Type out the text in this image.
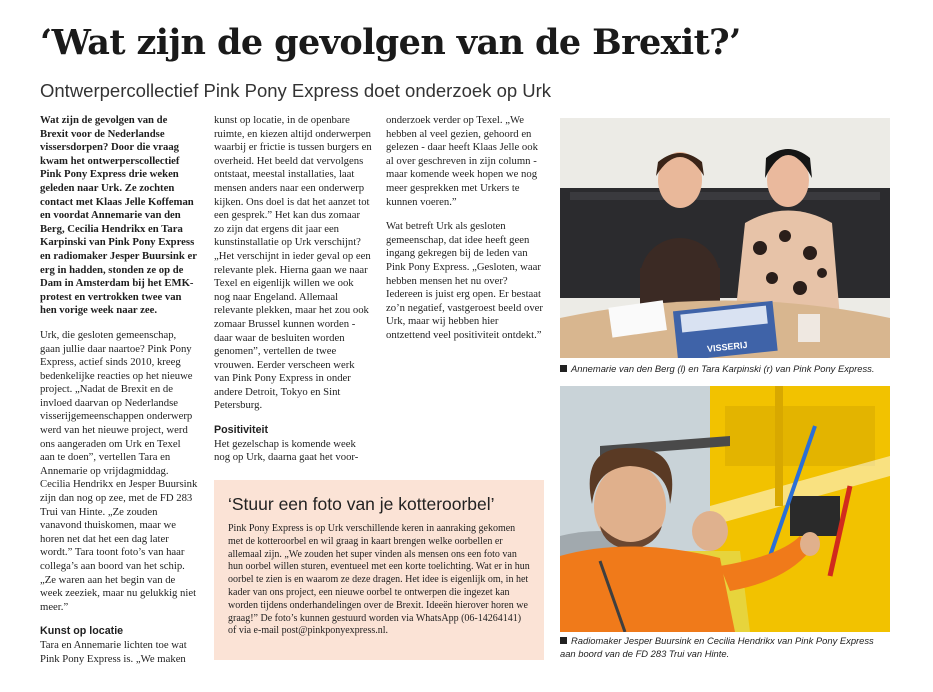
‘Wat zijn de gevolgen van de Brexit?’
Ontwerpercollectief Pink Pony Express doet onderzoek op Urk

Wat zijn de gevolgen van de Brexit voor de Nederlandse vissersdorpen? Door die vraag kwam het ontwerperscollectief Pink Pony Express drie weken geleden naar Urk. Ze zochten contact met Klaas Jelle Koffeman en voordat Annemarie van den Berg, Cecilia Hendrikx en Tara Karpinski van Pink Pony Express en radiomaker Jesper Buursink er erg in hadden, stonden ze op de Dam in Amsterdam bij het EMK-protest en vertrokken twee van hen vorige week naar zee.

Urk, die gesloten gemeenschap, gaan jullie daar naartoe? Pink Pony Express, actief sinds 2010, kreeg bedenkelijke reacties op het nieuwe project. „Nadat de Brexit en de invloed daarvan op Nederlandse visserijgemeenschappen onderwerp werd van het nieuwe project, werd ons aangeraden om Urk en Texel aan te doen”, vertellen Tara en Annemarie op vrijdagmiddag. Cecilia Hendrikx en Jesper Buursink zijn dan nog op zee, met de FD 283 Trui van Hinte. „Ze zouden vanavond thuiskomen, maar we horen net dat het een dag later wordt.” Tara toont foto’s van haar collega’s aan boord van het schip. „Ze waren aan het begin van de week zeeziek, maar nu gelukkig niet meer.”

Kunst op locatie

Tara en Annemarie lichten toe wat Pink Pony Express is. „We maken

kunst op locatie, in de openbare ruimte, en kiezen altijd onderwerpen waarbij er frictie is tussen burgers en overheid. Het beeld dat vervolgens ontstaat, meestal installaties, laat mensen anders naar een onderwerp kijken. Ons doel is dat het aanzet tot een gesprek.” Het kan dus zomaar zo zijn dat ergens dit jaar een kunstinstallatie op Urk verschijnt? „Het verschijnt in ieder geval op een relevante plek. Hierna gaan we naar Texel en eigenlijk willen we ook nog naar Engeland. Allemaal relevante plekken, maar het zou ook zomaar Brussel kunnen worden - daar waar de besluiten worden genomen”, vertellen de twee vrouwen. Eerder verscheen werk van Pink Pony Express in onder andere Detroit, Tokyo en Sint Petersburg.

Positiviteit

Het gezelschap is komende week nog op Urk, daarna gaat het voor-

onderzoek verder op Texel. „We hebben al veel gezien, gehoord en gelezen - daar heeft Klaas Jelle ook al over geschreven in zijn column - maar komende week hopen we nog meer gesprekken met Urkers te kunnen voeren.”

Wat betreft Urk als gesloten gemeenschap, dat idee heeft geen ingang gekregen bij de leden van Pink Pony Express. „Gesloten, waar hebben mensen het nu over? Iedereen is juist erg open. Er bestaat zo’n negatief, vastgeroest beeld over Urk, maar wij hebben hier ontzettend veel positiviteit ontdekt.”

‘Stuur een foto van je kotteroorbel’

Pink Pony Express is op Urk verschillende keren in aanraking gekomen met de kotteroorbel en wil graag in kaart brengen welke oorbellen er allemaal zijn. „We zouden het super vinden als mensen ons een foto van hun oorbel willen sturen, eventueel met een korte toelichting. Wat er in hun oorbel te zien is en waarom ze deze dragen. Het idee is eigenlijk om, in het kader van ons project, een nieuwe oorbel te ontwerpen die ingezet kan worden tijdens onderhandelingen over de Brexit. Ideeën hierover horen we graag!” De foto’s kunnen gestuurd worden via WhatsApp (06-14264141) of via e-mail post@pinkponyexpress.nl.

VISSERIJ
Annemarie van den Berg (l) en Tara Karpinski (r) van Pink Pony Express.
Radiomaker Jesper Buursink en Cecilia Hendrikx van Pink Pony Express aan boord van de FD 283 Trui van Hinte.
